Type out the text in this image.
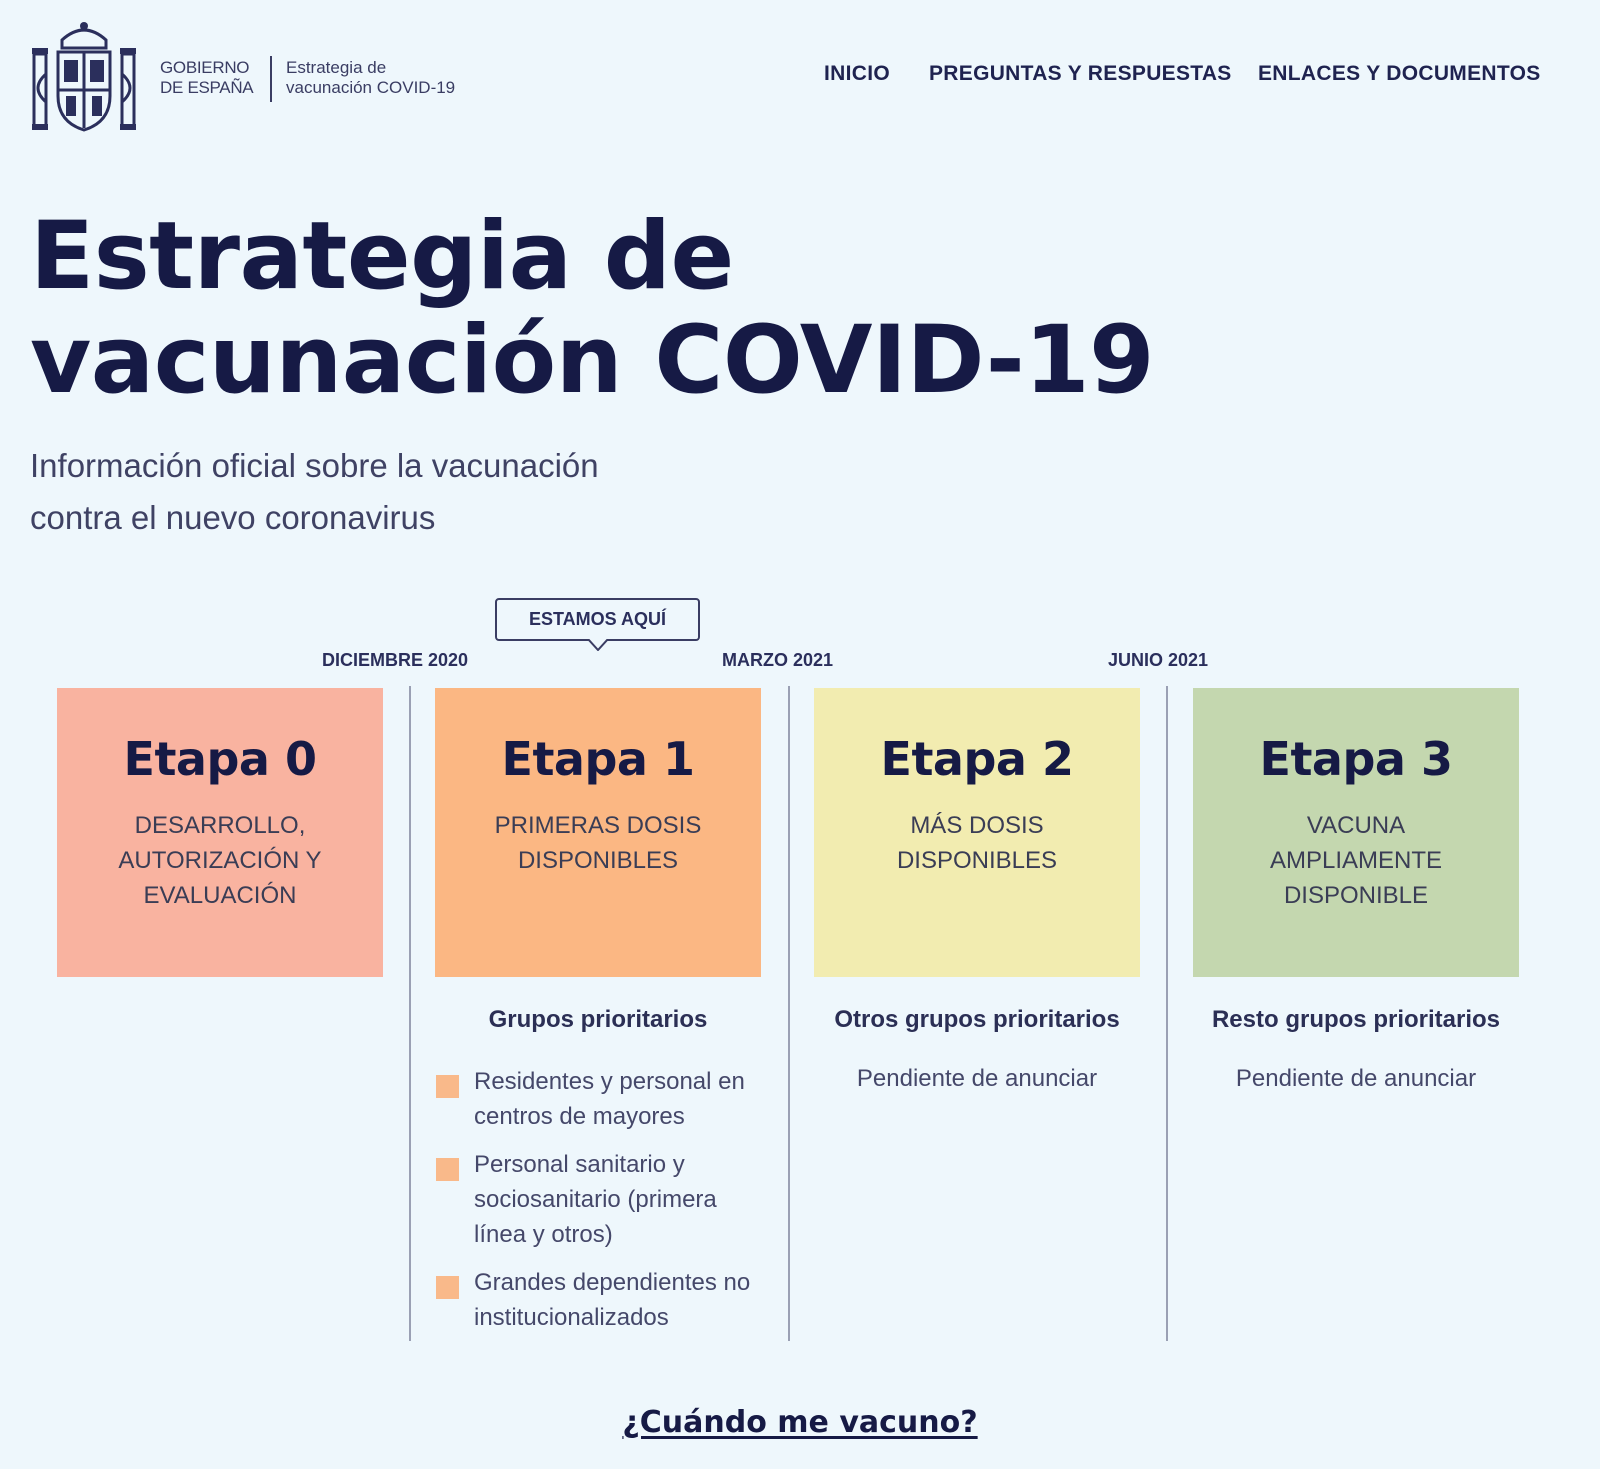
GOBIERNO
DE ESPAÑA
Estrategia de
vacunación COVID-19
INICIO PREGUNTAS Y RESPUESTAS ENLACES Y DOCUMENTOS
Estrategia de
vacunación COVID-19
Información oficial sobre la vacunación
contra el nuevo coronavirus
ESTAMOS AQUÍ
DICIEMBRE 2020	MARZO 2021	JUNIO 2021
Etapa 0

DESARROLLO, AUTORIZACIÓN Y EVALUACIÓN

Etapa 1

PRIMERAS DOSIS DISPONIBLES

Etapa 2

MÁS DOSIS DISPONIBLES

Etapa 3

VACUNA AMPLIAMENTE DISPONIBLE

Grupos prioritarios
Residentes y personal en centros de mayores
Personal sanitario y sociosanitario (primera línea y otros)
Grandes dependientes no institucionalizados
Otros grupos prioritarios
Pendiente de anunciar
Resto grupos prioritarios
Pendiente de anunciar
¿Cuándo me vacuno?
